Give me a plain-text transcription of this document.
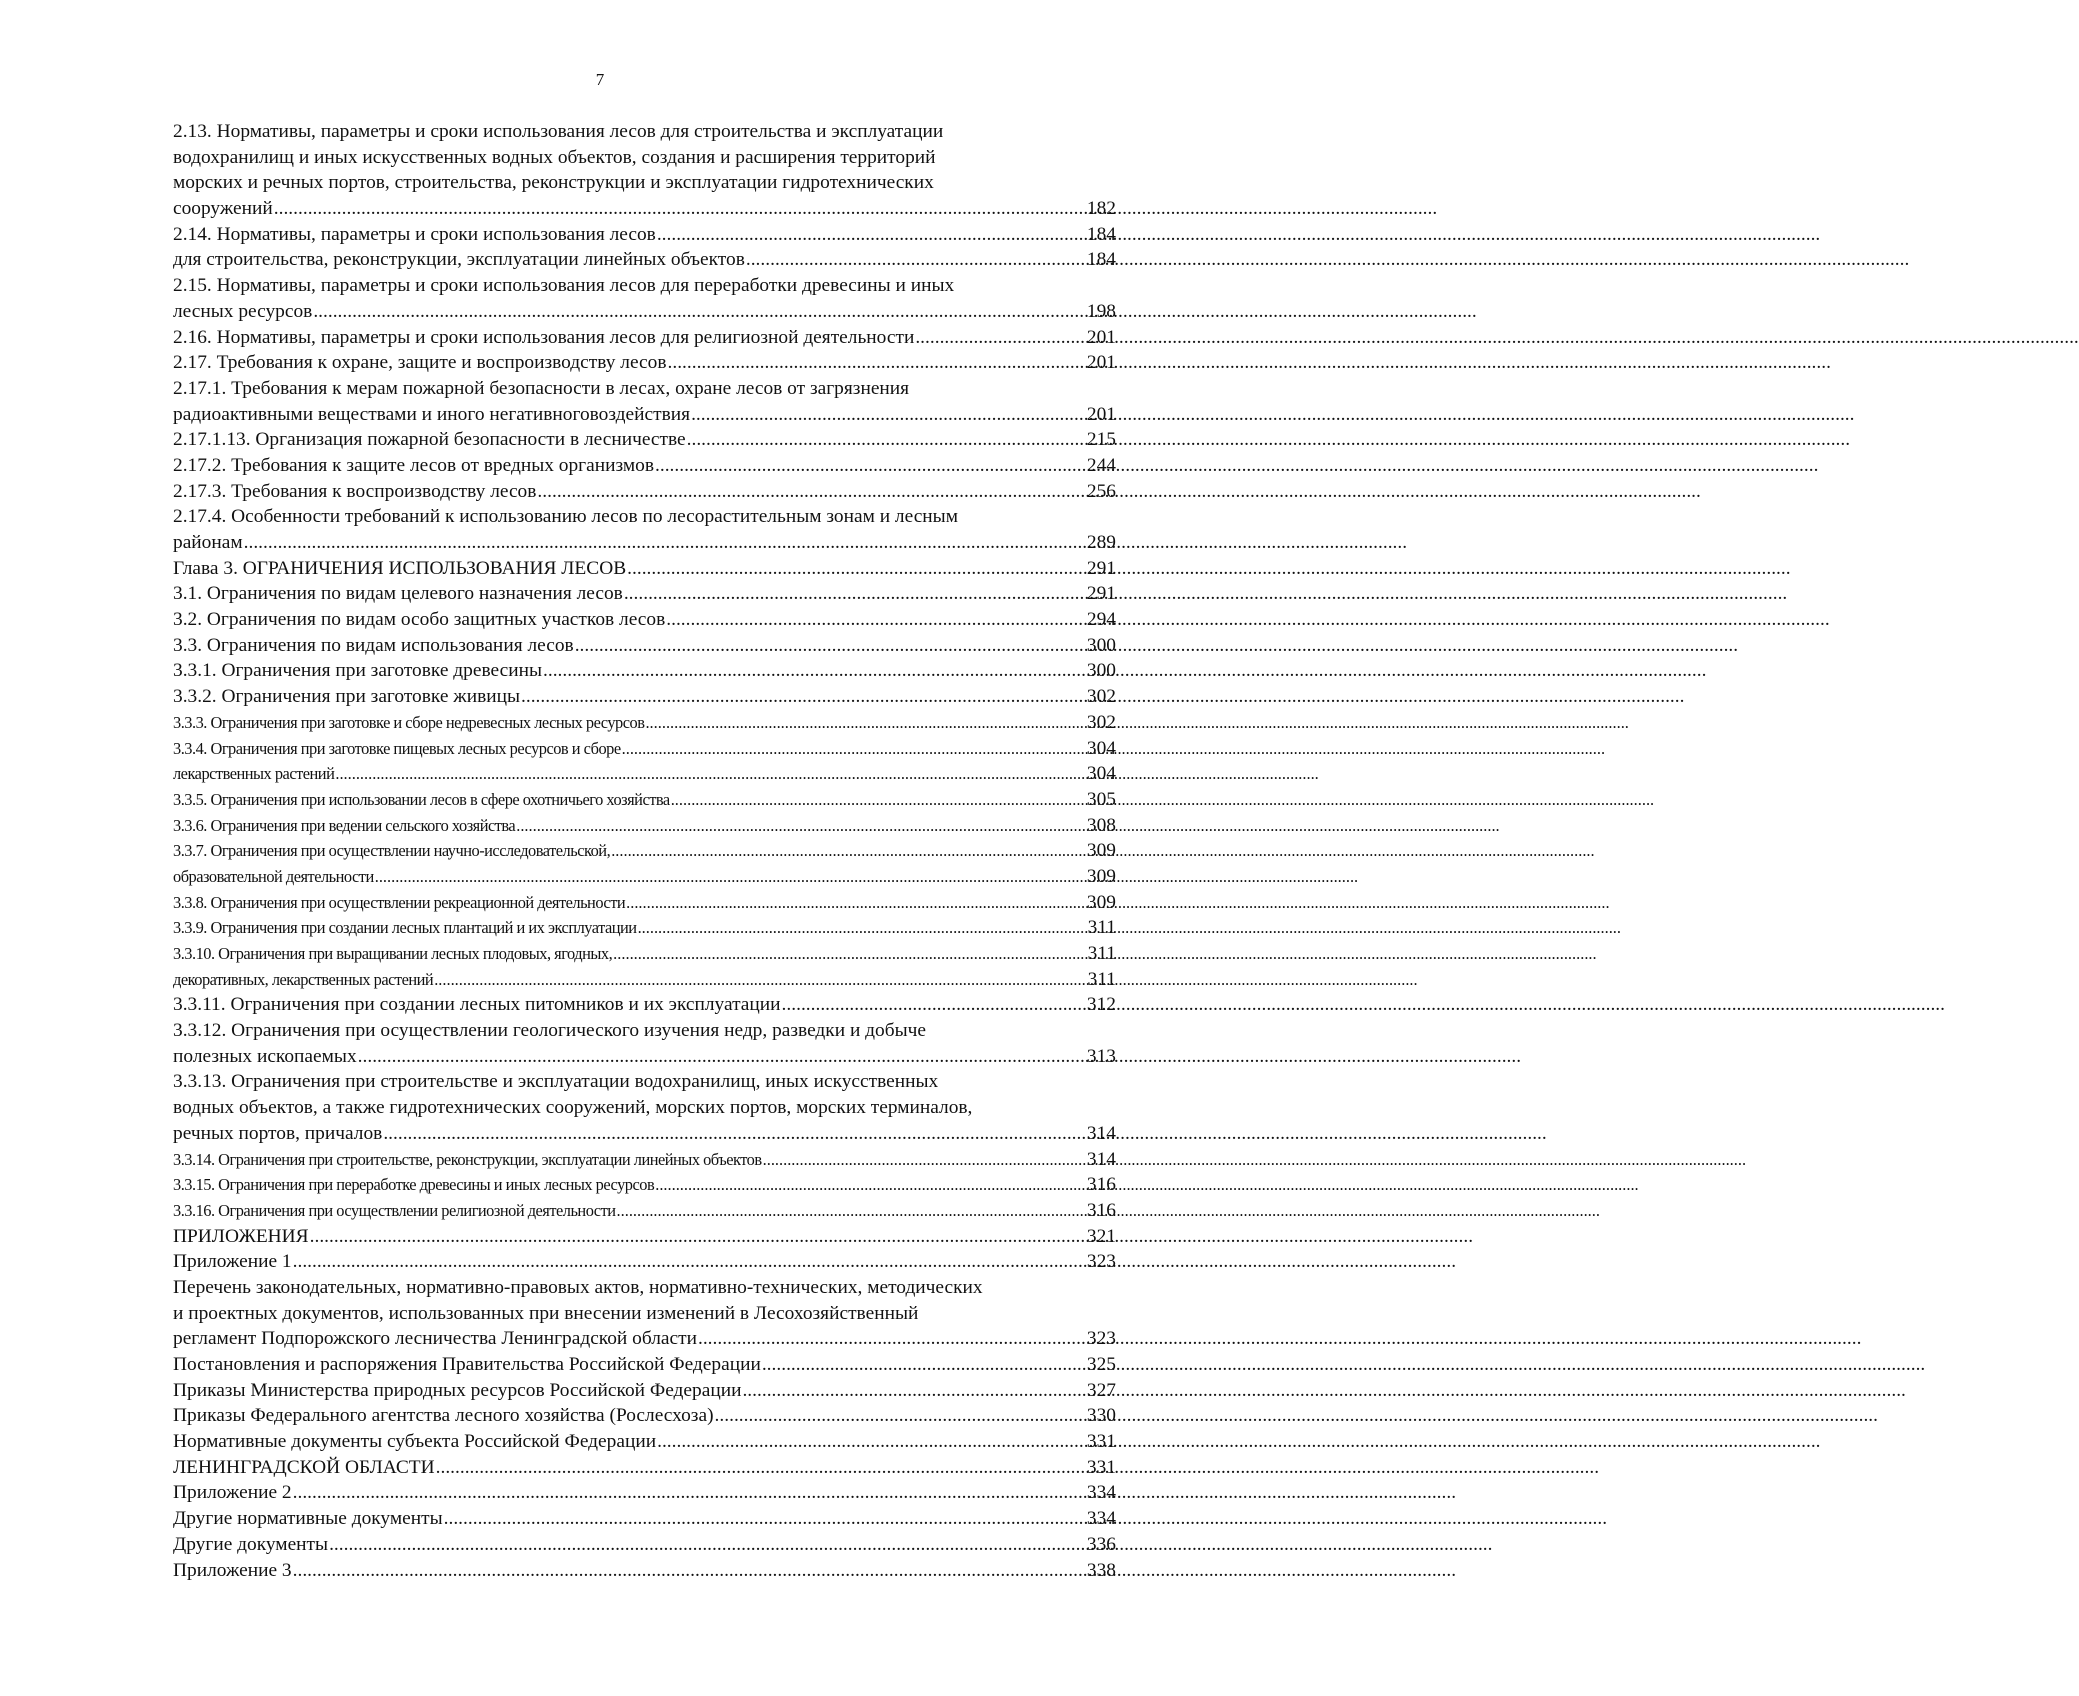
7
2.13. Нормативы, параметры и сроки использования лесов для строительства и эксплуатации
водохранилищ и иных искусственных водных объектов, создания и расширения территорий
морских и речных портов, строительства, реконструкции и эксплуатации гидротехнических
сооружений .....	182
2.14. Нормативы, параметры и сроки использования лесов .....	184
для строительства, реконструкции, эксплуатации линейных объектов .....	184
2.15. Нормативы, параметры и сроки использования лесов для переработки древесины и иных
лесных ресурсов .....	198
2.16. Нормативы, параметры и сроки использования лесов для религиозной деятельности .....	201
2.17. Требования к охране, защите и воспроизводству лесов .....	201
2.17.1. Требования к мерам пожарной безопасности в лесах, охране лесов от загрязнения
радиоактивными веществами и иного негативноговоздействия .....	201
2.17.1.13. Организация пожарной безопасности в лесничестве .....	215
2.17.2. Требования к защите лесов от вредных организмов .....	244
2.17.3. Требования к воспроизводству лесов .....	256
2.17.4. Особенности требований к использованию лесов по лесорастительным зонам и лесным
районам .....	289
Глава 3. ОГРАНИЧЕНИЯ ИСПОЛЬЗОВАНИЯ ЛЕСОВ .....	291
3.1. Ограничения по видам целевого назначения лесов .....	291
3.2. Ограничения по видам особо защитных участков лесов .....	294
3.3. Ограничения по видам использования лесов .....	300
3.3.1. Ограничения при заготовке древесины .....	300
3.3.2. Ограничения при заготовке живицы .....	302
3.3.3. Ограничения при заготовке и сборе недревесных лесных ресурсов .....	302
3.3.4. Ограничения при заготовке пищевых лесных ресурсов и сборе .....	304
лекарственных растений .....	304
3.3.5. Ограничения при использовании лесов в сфере охотничьего хозяйства .....	305
3.3.6. Ограничения при ведении сельского хозяйства .....	308
3.3.7. Ограничения при осуществлении научно-исследовательской, .....	309
образовательной деятельности .....	309
3.3.8. Ограничения при осуществлении рекреационной деятельности .....	309
3.3.9. Ограничения при создании лесных плантаций и их эксплуатации .....	311
3.3.10. Ограничения при выращивании лесных плодовых, ягодных, .....	311
декоративных, лекарственных растений .....	311
3.3.11. Ограничения при создании лесных питомников и их эксплуатации .....	312
3.3.12. Ограничения при осуществлении геологического изучения недр, разведки и добыче
полезных ископаемых .....	313
3.3.13. Ограничения при строительстве и эксплуатации водохранилищ, иных искусственных
водных объектов, а также гидротехнических сооружений, морских портов, морских терминалов,
речных портов, причалов .....	314
3.3.14. Ограничения при строительстве, реконструкции, эксплуатации линейных объектов .....	314
3.3.15. Ограничения при переработке древесины и иных лесных ресурсов .....	316
3.3.16. Ограничения при осуществлении религиозной деятельности .....	316
ПРИЛОЖЕНИЯ .....	321
Приложение 1 .....	323
Перечень законодательных, нормативно-правовых актов, нормативно-технических, методических
и проектных документов, использованных при внесении изменений в Лесохозяйственный
регламент Подпорожского лесничества Ленинградской области .....	323
Постановления и распоряжения Правительства Российской Федерации .....	325
Приказы Министерства природных ресурсов Российской Федерации .....	327
Приказы Федерального агентства лесного хозяйства (Рослесхоза) .....	330
Нормативные документы субъекта Российской Федерации .....	331
ЛЕНИНГРАДСКОЙ ОБЛАСТИ .....	331
Приложение 2 .....	334
Другие нормативные документы .....	334
Другие документы .....	336
Приложение 3 .....	338
